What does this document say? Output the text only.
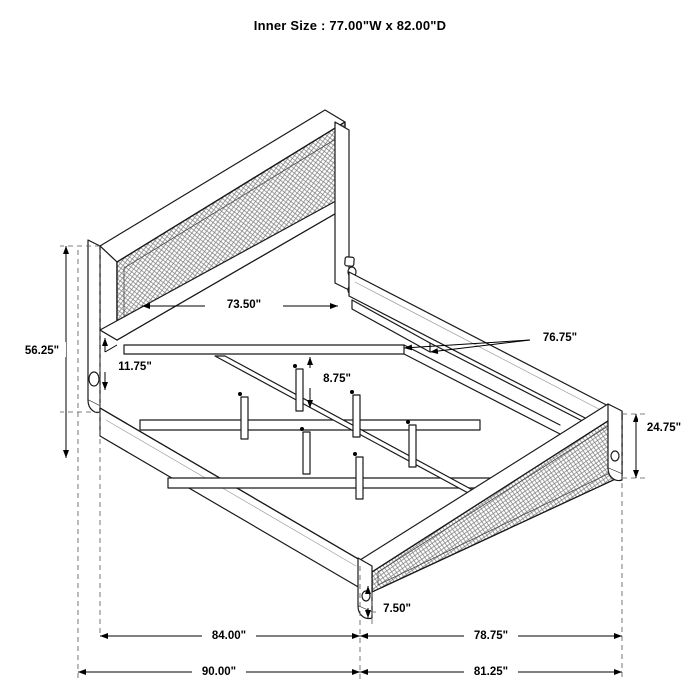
Inner Size : 77.00"W x 82.00"D
73.50"
56.25"
11.75"
8.75"
76.75"
24.75"
7.50"
84.00"	78.75"
90.00"	81.25"
